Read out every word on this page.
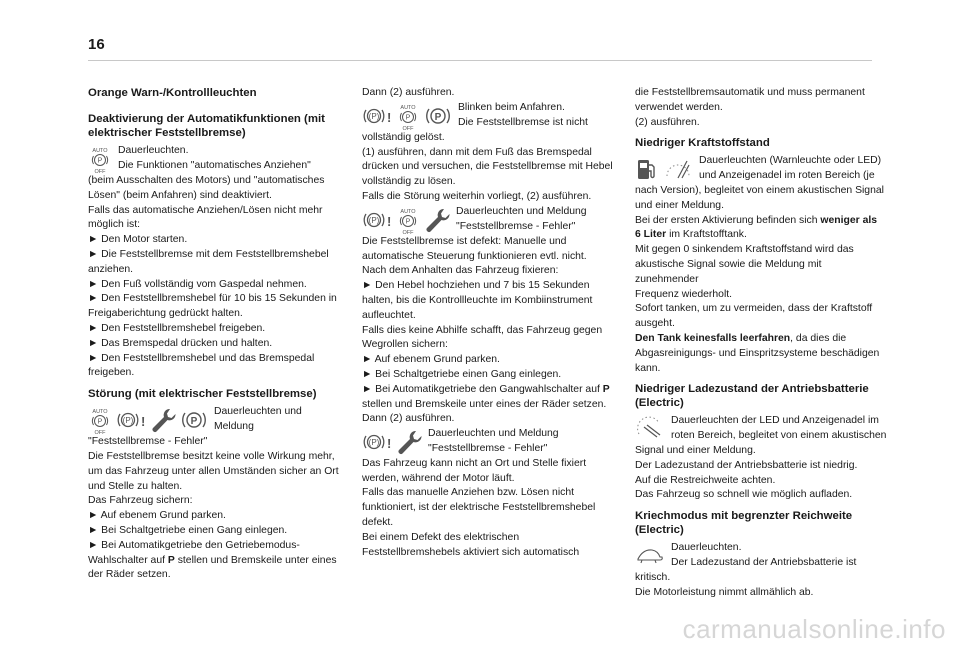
16
Orange Warn-/Kontrollleuchten
Deaktivierung der Automatikfunktionen (mit elektrischer Feststellbremse)
AUTO
P
OFF

Dauerleuchten.

Die Funktionen "automatisches Anziehen"

(beim Ausschalten des Motors) und "automatisches

Lösen" (beim Anfahren) sind deaktiviert.

Falls das automatische Anziehen/Lösen nicht mehr

möglich ist:

► Den Motor starten.

► Die Feststellbremse mit dem Feststellbremshebel

anziehen.

► Den Fuß vollständig vom Gaspedal nehmen.

► Den Feststellbremshebel für 10 bis 15 Sekunden in

Freigaberichtung gedrückt halten.

► Den Feststellbremshebel freigeben.

► Das Bremspedal drücken und halten.

► Den Feststellbremshebel und das Bremspedal

freigeben.

Störung (mit elektrischer Feststellbremse)
AUTO
P
OFF
(P) !	P

Dauerleuchten und

Meldung

"Feststellbremse - Fehler"

Die Feststellbremse besitzt keine volle Wirkung mehr,

um das Fahrzeug unter allen Umständen sicher an Ort

und Stelle zu halten.

Das Fahrzeug sichern:

► Auf ebenem Grund parken.

► Bei Schaltgetriebe einen Gang einlegen.

► Bei Automatikgetriebe den Getriebemodus-

Wahlschalter auf P stellen und Bremskeile unter eines

der Räder setzen.

Dann (2) ausführen.

(P) !
AUTO
P
OFF
P

Blinken beim Anfahren.

Die Feststellbremse ist nicht

vollständig gelöst.

(1) ausführen, dann mit dem Fuß das Bremspedal

drücken und versuchen, die Feststellbremse mit Hebel

vollständig zu lösen.

Falls die Störung weiterhin vorliegt, (2) ausführen.

(P) !
AUTO
P
OFF

Dauerleuchten und Meldung

"Feststellbremse - Fehler"

Die Feststellbremse ist defekt: Manuelle und

automatische Steuerung funktionieren evtl. nicht.

Nach dem Anhalten das Fahrzeug fixieren:

► Den Hebel hochziehen und 7 bis 15 Sekunden

halten, bis die Kontrollleuchte im Kombiinstrument

aufleuchtet.

Falls dies keine Abhilfe schafft, das Fahrzeug gegen

Wegrollen sichern:

► Auf ebenem Grund parken.

► Bei Schaltgetriebe einen Gang einlegen.

► Bei Automatikgetriebe den Gangwahlschalter auf P

stellen und Bremskeile unter eines der Räder setzen.

Dann (2) ausführen.

(P) !

Dauerleuchten und Meldung

"Feststellbremse - Fehler"

Das Fahrzeug kann nicht an Ort und Stelle fixiert

werden, während der Motor läuft.

Falls das manuelle Anziehen bzw. Lösen nicht

funktioniert, ist der elektrische Feststellbremshebel

defekt.

Bei einem Defekt des elektrischen

Feststellbremshebels aktiviert sich automatisch

die Feststellbremsautomatik und muss permanent

verwendet werden.

(2) ausführen.

Niedriger Kraftstoffstand

Dauerleuchten (Warnleuchte oder LED)

und Anzeigenadel im roten Bereich (je

nach Version), begleitet von einem akustischen Signal

und einer Meldung.

Bei der ersten Aktivierung befinden sich weniger als

6 Liter im Kraftstofftank.

Mit gegen 0 sinkendem Kraftstoffstand wird das

akustische Signal sowie die Meldung mit zunehmender

Frequenz wiederholt.

Sofort tanken, um zu vermeiden, dass der Kraftstoff

ausgeht.

Den Tank keinesfalls leerfahren, da dies die

Abgasreinigungs- und Einspritzsysteme beschädigen

kann.

Niedriger Ladezustand der Antriebsbatterie (Electric)

Dauerleuchten der LED und Anzeigenadel im

roten Bereich, begleitet von einem akustischen

Signal und einer Meldung.

Der Ladezustand der Antriebsbatterie ist niedrig.

Auf die Restreichweite achten.

Das Fahrzeug so schnell wie möglich aufladen.

Kriechmodus mit begrenzter Reichweite (Electric)

Dauerleuchten.

Der Ladezustand der Antriebsbatterie ist

kritisch.

Die Motorleistung nimmt allmählich ab.

carmanualsonline.info
